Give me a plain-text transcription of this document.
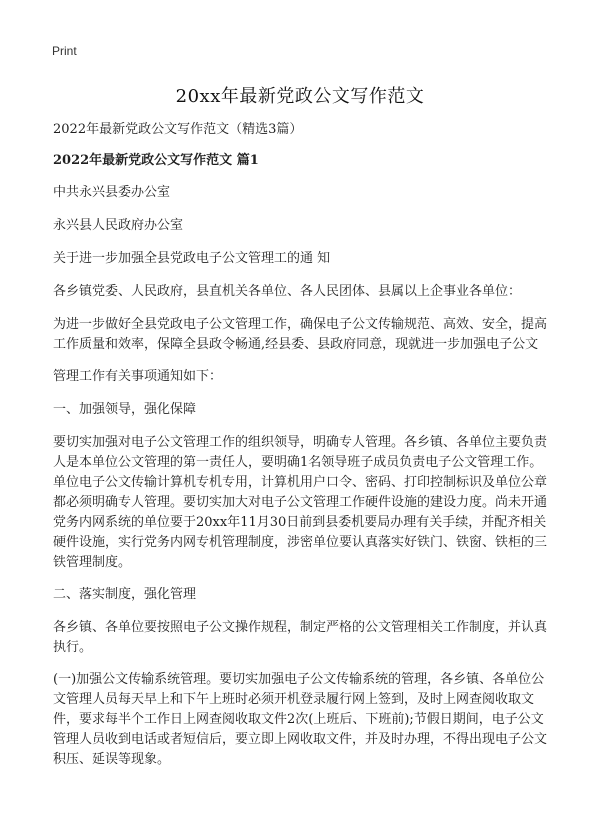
Print
20xx年最新党政公文写作范文

2022年最新党政公文写作范文（精选3篇）

2022年最新党政公文写作范文 篇1

中共永兴县委办公室

永兴县人民政府办公室

关于进一步加强全县党政电子公文管理工的通 知

各乡镇党委、人民政府，县直机关各单位、各人民团体、县属以上企事业各单位：

为进一步做好全县党政电子公文管理工作，确保电子公文传输规范、高效、安全，提高工作质量和效率，保障全县政令畅通,经县委、县政府同意，现就进一步加强电子公文

管理工作有关事项通知如下：

一、加强领导，强化保障

要切实加强对电子公文管理工作的组织领导，明确专人管理。各乡镇、各单位主要负责人是本单位公文管理的第一责任人，要明确1名领导班子成员负责电子公文管理工作。单位电子公文传输计算机专机专用，计算机用户口令、密码、打印控制标识及单位公章都必须明确专人管理。要切实加大对电子公文管理工作硬件设施的建设力度。尚未开通党务内网系统的单位要于20xx年11月30日前到县委机要局办理有关手续，并配齐相关硬件设施，实行党务内网专机管理制度，涉密单位要认真落实好铁门、铁窗、铁柜的三铁管理制度。

二、落实制度，强化管理

各乡镇、各单位要按照电子公文操作规程，制定严格的公文管理相关工作制度，并认真执行。

(一)加强公文传输系统管理。要切实加强电子公文传输系统的管理，各乡镇、各单位公文管理人员每天早上和下午上班时必须开机登录履行网上签到，及时上网查阅收取文件，要求每半个工作日上网查阅收取文件2次(上班后、下班前);节假日期间，电子公文管理人员收到电话或者短信后，要立即上网收取文件，并及时办理，不得出现电子公文积压、延误等现象。
